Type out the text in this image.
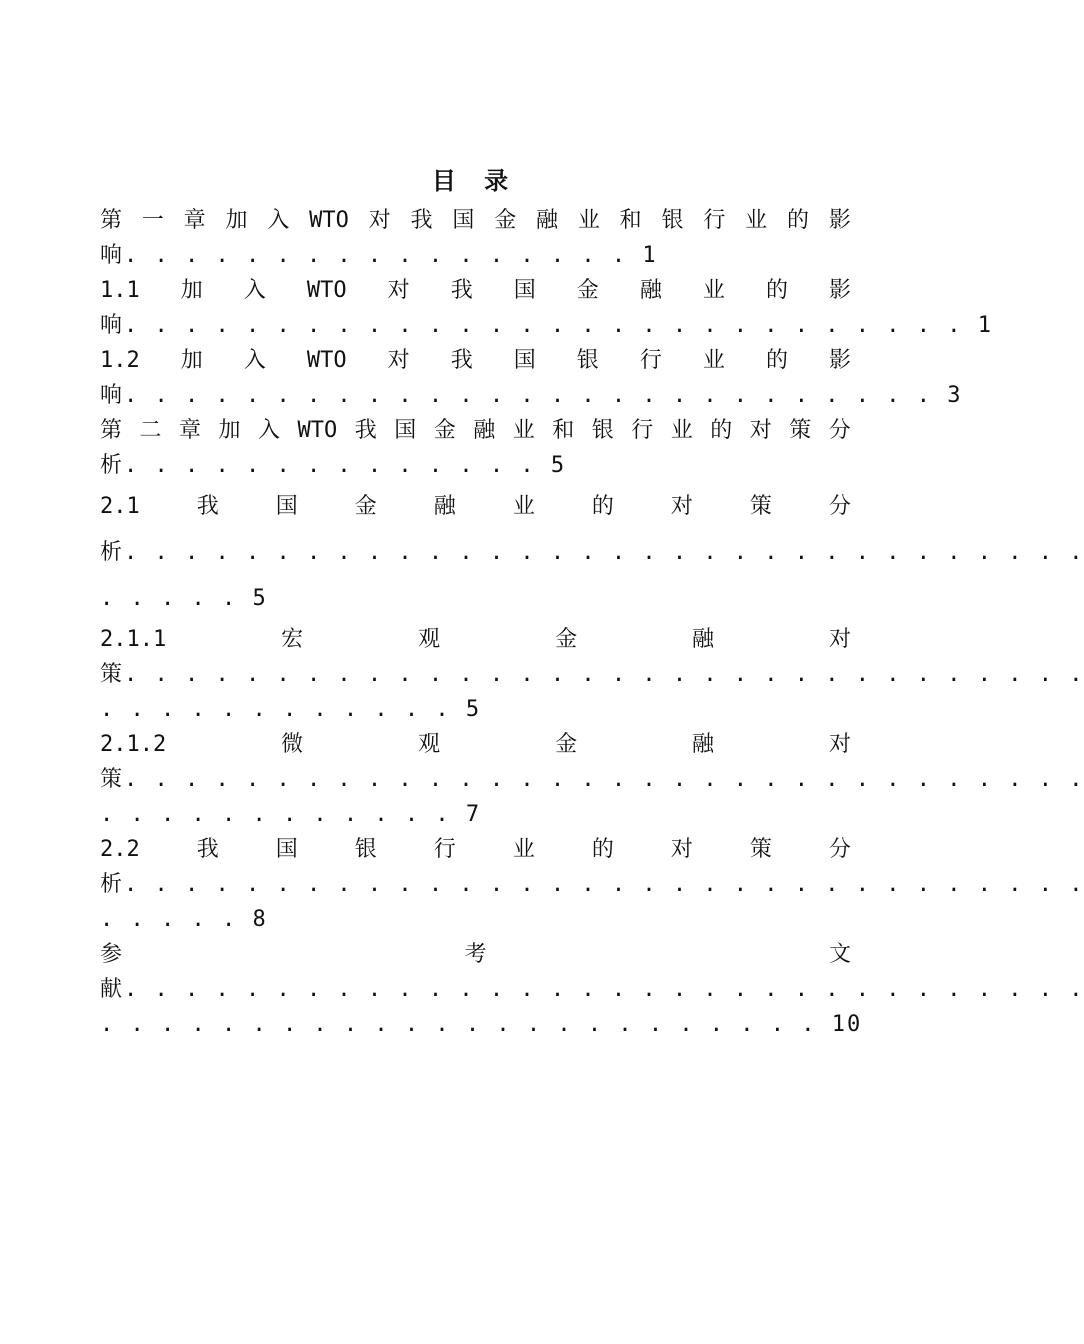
目 录
第 一 章 加 入 WTO 对 我 国 金 融 业 和 银 行 业 的 影
响. . . . . . . . . . . . . . . . . 1
1.1 加 入 WTO 对 我 国 金 融 业 的 影
响. . . . . . . . . . . . . . . . . . . . . . . . . . . . 1
1.2 加 入 WTO 对 我 国 银 行 业 的 影
响. . . . . . . . . . . . . . . . . . . . . . . . . . . 3
第 二 章 加 入 WTO 我 国 金 融 业 和 银 行 业 的 对 策 分
析. . . . . . . . . . . . . . 5
2.1	我	国	金	融	业	的	对	策	分
析. . . . . . . . . . . . . . . . . . . . . . . . . . . . . . . .
. . . . . 5
2.1.1	宏	观	金	融	对
策. . . . . . . . . . . . . . . . . . . . . . . . . . . . . . . .
. . . . . . . . . . . . 5
2.1.2	微	观	金	融	对
策. . . . . . . . . . . . . . . . . . . . . . . . . . . . . . . .
. . . . . . . . . . . . 7
2.2	我	国	银	行	业	的	对	策	分
析. . . . . . . . . . . . . . . . . . . . . . . . . . . . . . . .
. . . . . 8
参	考	文
献. . . . . . . . . . . . . . . . . . . . . . . . . . . . . . . .
. . . . . . . . . . . . . . . . . . . . . . . . 10
